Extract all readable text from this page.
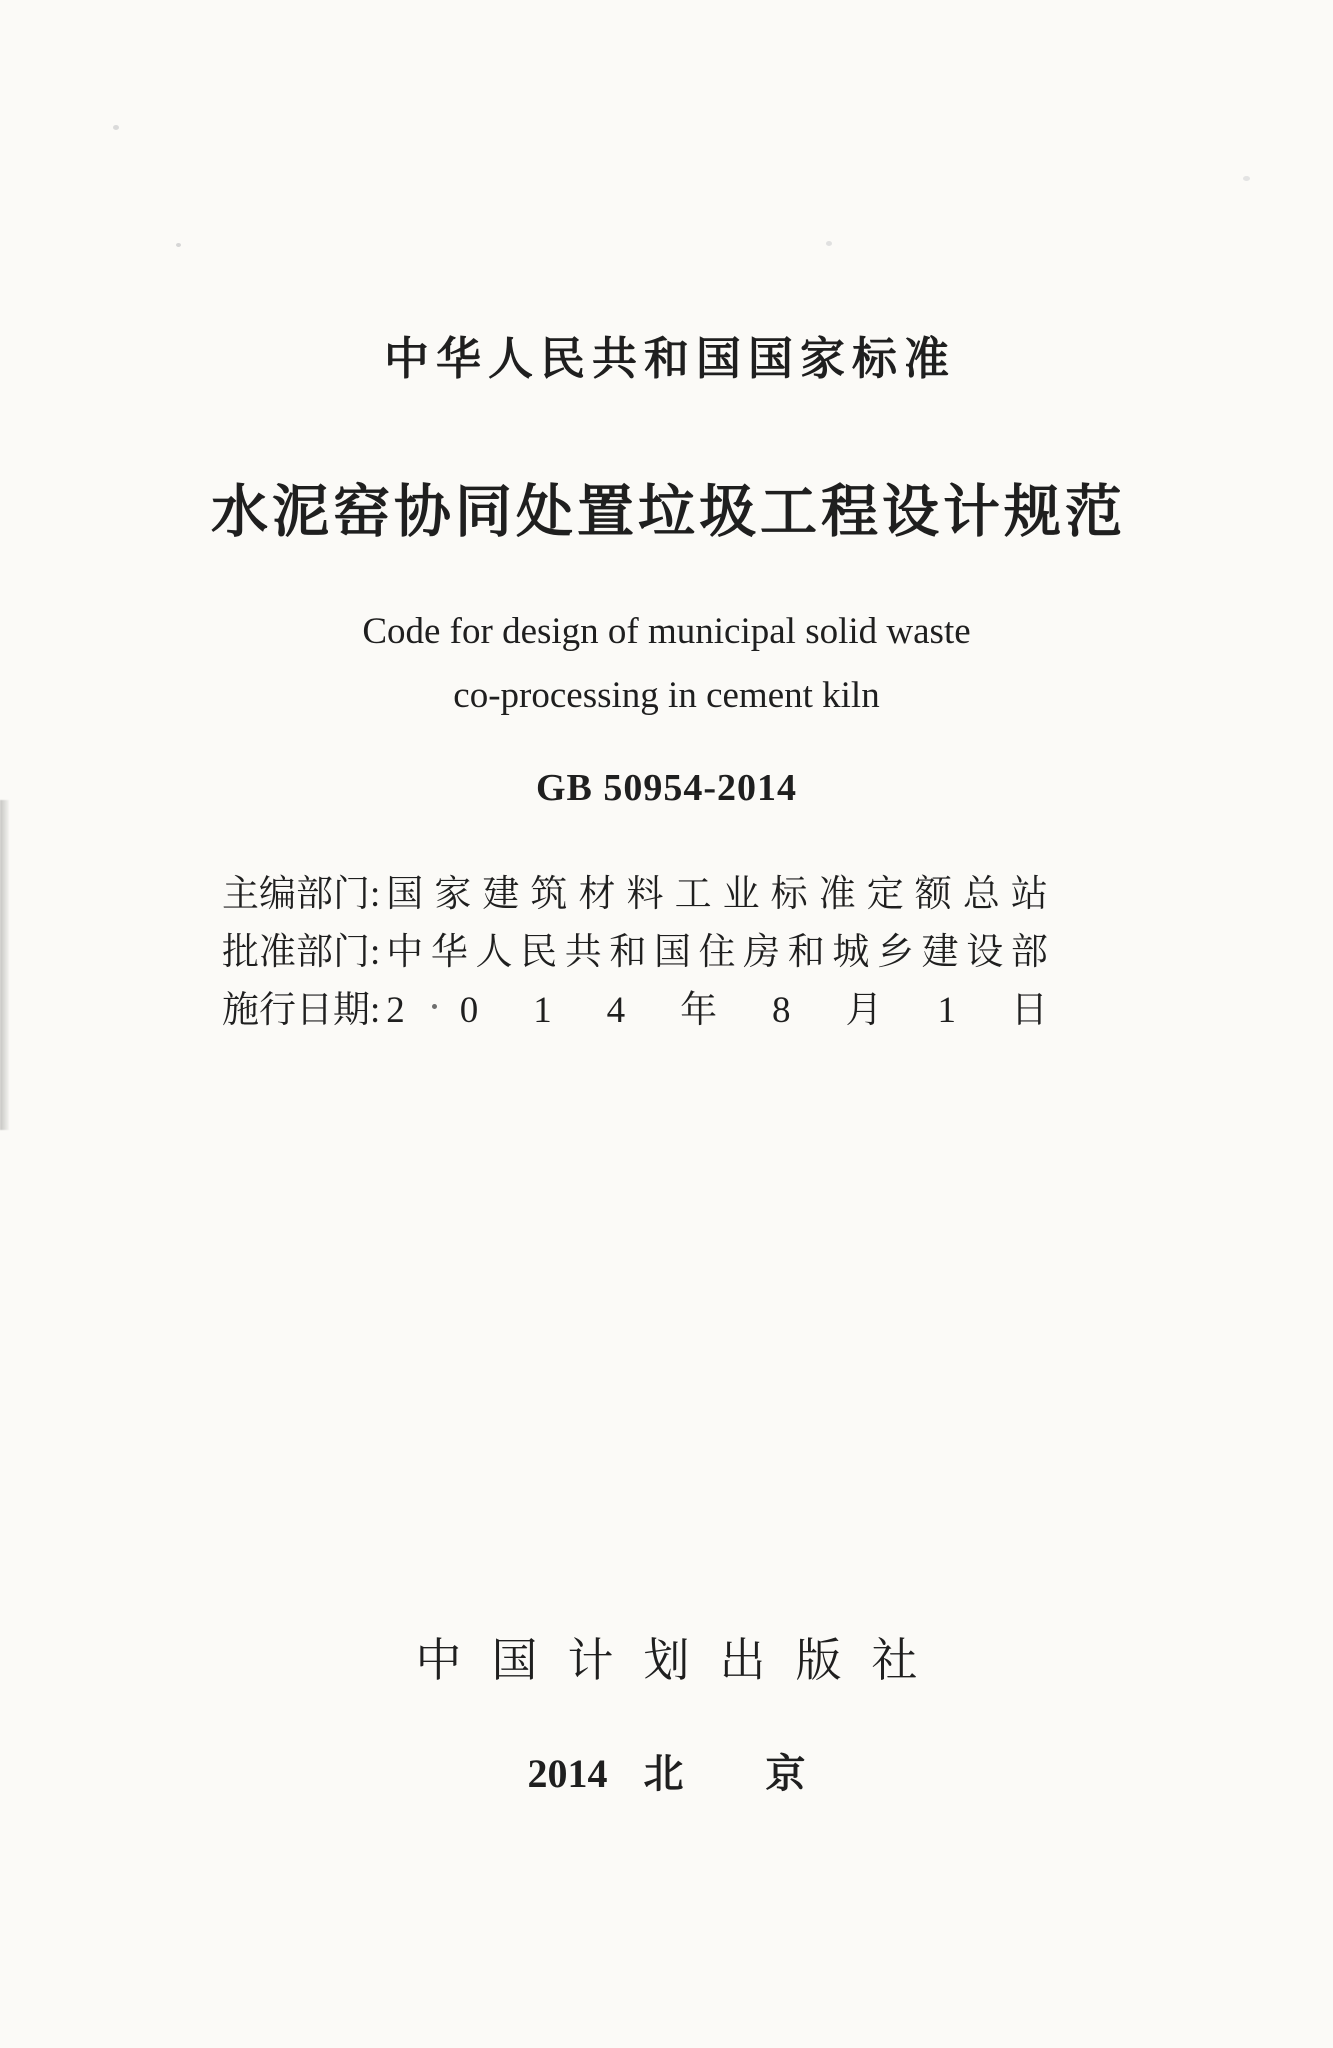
中华人民共和国国家标准
水泥窑协同处置垃圾工程设计规范
Code for design of municipal solid waste
co-processing in cement kiln
GB 50954-2014
主编部门: 国 家 建 筑 材 料 工 业 标 准 定 额 总 站
批准部门: 中 华 人 民 共 和 国 住 房 和 城 乡 建 设 部
施行日期: 2 0 1 4 年 8 月 1 日
中国计划出版社
2014 北 京
